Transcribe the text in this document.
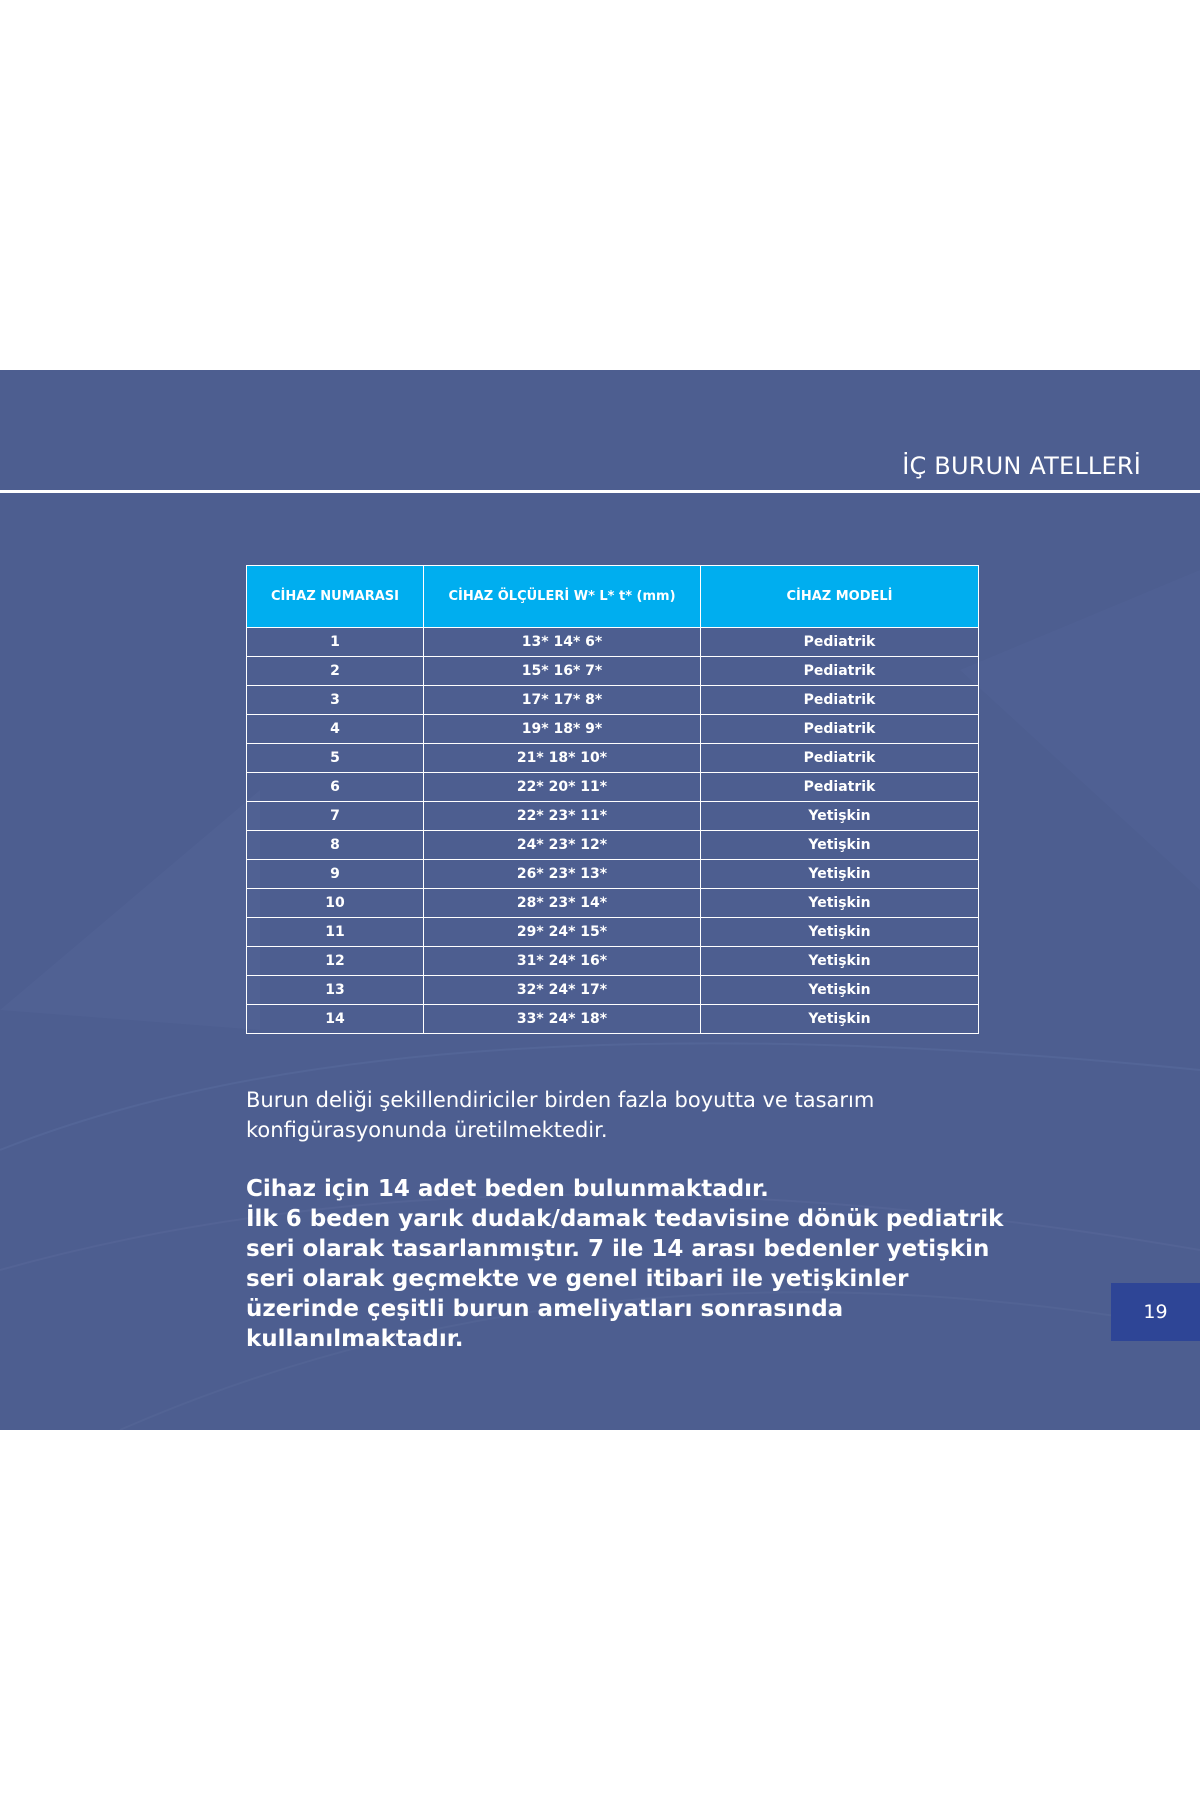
İÇ BURUN ATELLERİ
CİHAZ NUMARASI	CİHAZ ÖLÇÜLERİ W* L* t* (mm)	CİHAZ MODELİ
1	13* 14* 6*	Pediatrik
2	15* 16* 7*	Pediatrik
3	17* 17* 8*	Pediatrik
4	19* 18* 9*	Pediatrik
5	21* 18* 10*	Pediatrik
6	22* 20* 11*	Pediatrik
7	22* 23* 11*	Yetişkin
8	24* 23* 12*	Yetişkin
9	26* 23* 13*	Yetişkin
10	28* 23* 14*	Yetişkin
11	29* 24* 15*	Yetişkin
12	31* 24* 16*	Yetişkin
13	32* 24* 17*	Yetişkin
14	33* 24* 18*	Yetişkin

Burun deliği şekillendiriciler birden fazla boyutta ve tasarım konfigürasyonunda üretilmektedir.

Cihaz için 14 adet beden bulunmaktadır.
İlk 6 beden yarık dudak/damak tedavisine dönük pediatrik seri olarak tasarlanmıştır. 7 ile 14 arası bedenler yetişkin seri olarak geçmekte ve genel itibari ile yetişkinler üzerinde çeşitli burun ameliyatları sonrasında kullanılmaktadır.

19
